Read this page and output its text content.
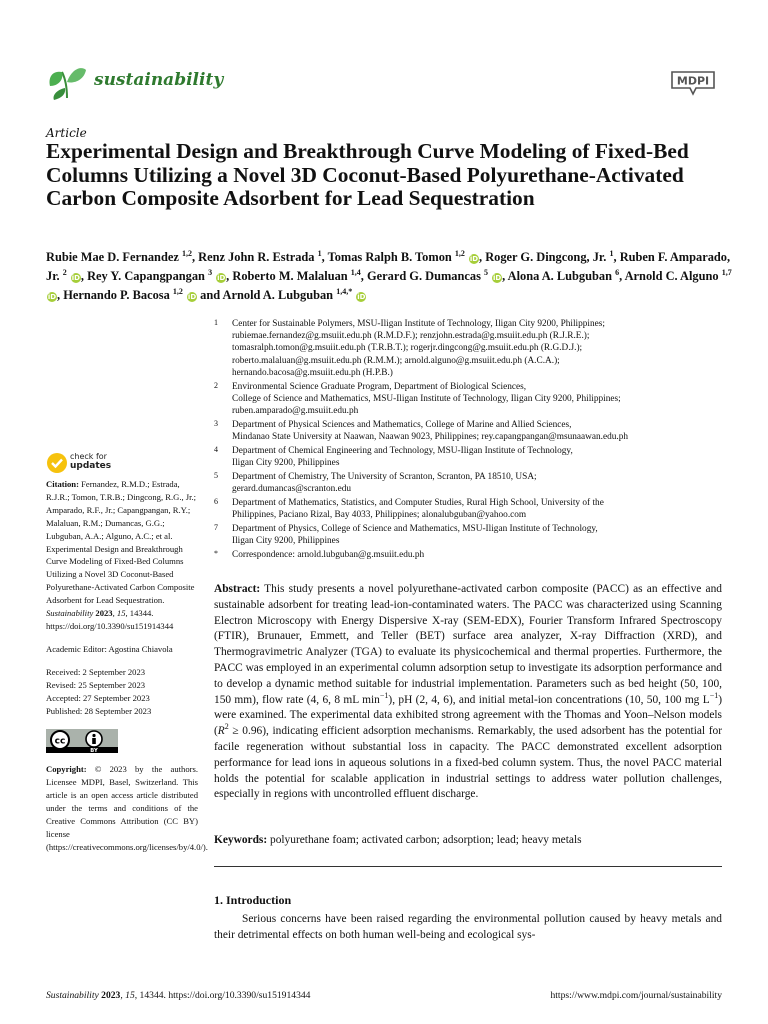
sustainability	MDPI
Article
Experimental Design and Breakthrough Curve Modeling of Fixed-Bed Columns Utilizing a Novel 3D Coconut-Based Polyurethane-Activated Carbon Composite Adsorbent for Lead Sequestration
Rubie Mae D. Fernandez $^{1,2}$, Renz John R. Estrada $^1$, Tomas Ralph B. Tomon $^{1,2}$ iD, Roger G. Dingcong, Jr. $^1$, Ruben F. Amparado, Jr. $^2$ iD, Rey Y. Capangpangan $^3$ iD, Roberto M. Malaluan $^{1,4}$, Gerard G. Dumancas $^5$ iD, Alona A. Lubguban $^6$, Arnold C. Alguno $^{1,7}$ iD, Hernando P. Bacosa $^{1,2}$ iD and Arnold A. Lubguban $^{1,4,*}$ iD
1	Center for Sustainable Polymers, MSU-Iligan Institute of Technology, Iligan City 9200, Philippines;
rubiemae.fernandez@g.msuiit.edu.ph (R.M.D.F.); renzjohn.estrada@g.msuiit.edu.ph (R.J.R.E.);
tomasralph.tomon@g.msuiit.edu.ph (T.R.B.T.); rogerjr.dingcong@g.msuiit.edu.ph (R.G.D.J.);
roberto.malaluan@g.msuiit.edu.ph (R.M.M.); arnold.alguno@g.msuiit.edu.ph (A.C.A.);
hernando.bacosa@g.msuiit.edu.ph (H.P.B.)
2	Environmental Science Graduate Program, Department of Biological Sciences,
College of Science and Mathematics, MSU-Iligan Institute of Technology, Iligan City 9200, Philippines;
ruben.amparado@g.msuiit.edu.ph
3	Department of Physical Sciences and Mathematics, College of Marine and Allied Sciences,
Mindanao State University at Naawan, Naawan 9023, Philippines; rey.capangpangan@msunaawan.edu.ph
4	Department of Chemical Engineering and Technology, MSU-Iligan Institute of Technology,
Iligan City 9200, Philippines
5	Department of Chemistry, The University of Scranton, Scranton, PA 18510, USA;
gerard.dumancas@scranton.edu
6	Department of Mathematics, Statistics, and Computer Studies, Rural High School, University of the
Philippines, Paciano Rizal, Bay 4033, Philippines; alonalubguban@yahoo.com
7	Department of Physics, College of Science and Mathematics, MSU-Iligan Institute of Technology,
Iligan City 9200, Philippines
*	Correspondence: arnold.lubguban@g.msuiit.edu.ph
check for
updates

Citation: Fernandez, R.M.D.; Estrada, R.J.R.; Tomon, T.R.B.; Dingcong, R.G., Jr.; Amparado, R.F., Jr.; Capangpangan, R.Y.; Malaluan, R.M.; Dumancas, G.G.; Lubguban, A.A.; Alguno, A.C.; et al. Experimental Design and Breakthrough Curve Modeling of Fixed-Bed Columns Utilizing a Novel 3D Coconut-Based Polyurethane-Activated Carbon Composite Adsorbent for Lead Sequestration. Sustainability 2023, 15, 14344. https://doi.org/10.3390/su151914344

Academic Editor: Agostina Chiavola

Received: 2 September 2023
Revised: 25 September 2023
Accepted: 27 September 2023
Published: 28 September 2023

cc
BY

Copyright: © 2023 by the authors. Licensee MDPI, Basel, Switzerland. This article is an open access article distributed under the terms and conditions of the Creative Commons Attribution (CC BY) license (https://creativecommons.org/licenses/by/4.0/).

Abstract: This study presents a novel polyurethane-activated carbon composite (PACC) as an effective and sustainable adsorbent for treating lead-ion-contaminated waters. The PACC was characterized using Scanning Electron Microscopy with Energy Dispersive X-ray (SEM-EDX), Fourier Transform Infrared Spectroscopy (FTIR), Brunauer, Emmett, and Teller (BET) surface area analyzer, X-ray Diffraction (XRD), and Thermogravimetric Analyzer (TGA) to evaluate its physicochemical and thermal properties. Furthermore, the PACC was employed in an experimental column adsorption setup to investigate its adsorption performance and to develop a dynamic method suitable for industrial implementation. Parameters such as bed height (50, 100, 150 mm), flow rate (4, 6, 8 mL $\min^{-1}$), pH (2, 4, 6), and initial metal-ion concentrations (10, 50, 100 mg $L^{-1}$) were examined. The experimental data exhibited strong agreement with the Thomas and Yoon–Nelson models $(R^2 \ge 0.96)$, indicating efficient adsorption mechanisms. Remarkably, the used adsorbent has the potential for facile regeneration without substantial loss in capacity. The PACC demonstrated excellent adsorption performance for lead ions in aqueous solutions in a fixed-bed column system. Thus, the novel PACC material holds the potential for scalable application in industrial settings to address water pollution challenges, especially in regions with uncontrolled effluent discharge.
Keywords: polyurethane foam; activated carbon; adsorption; lead; heavy metals
1. Introduction
Serious concerns have been raised regarding the environmental pollution caused by heavy metals and their detrimental effects on both human well-being and ecological sys-
Sustainability 2023, 15, 14344. https://doi.org/10.3390/su151914344	https://www.mdpi.com/journal/sustainability
